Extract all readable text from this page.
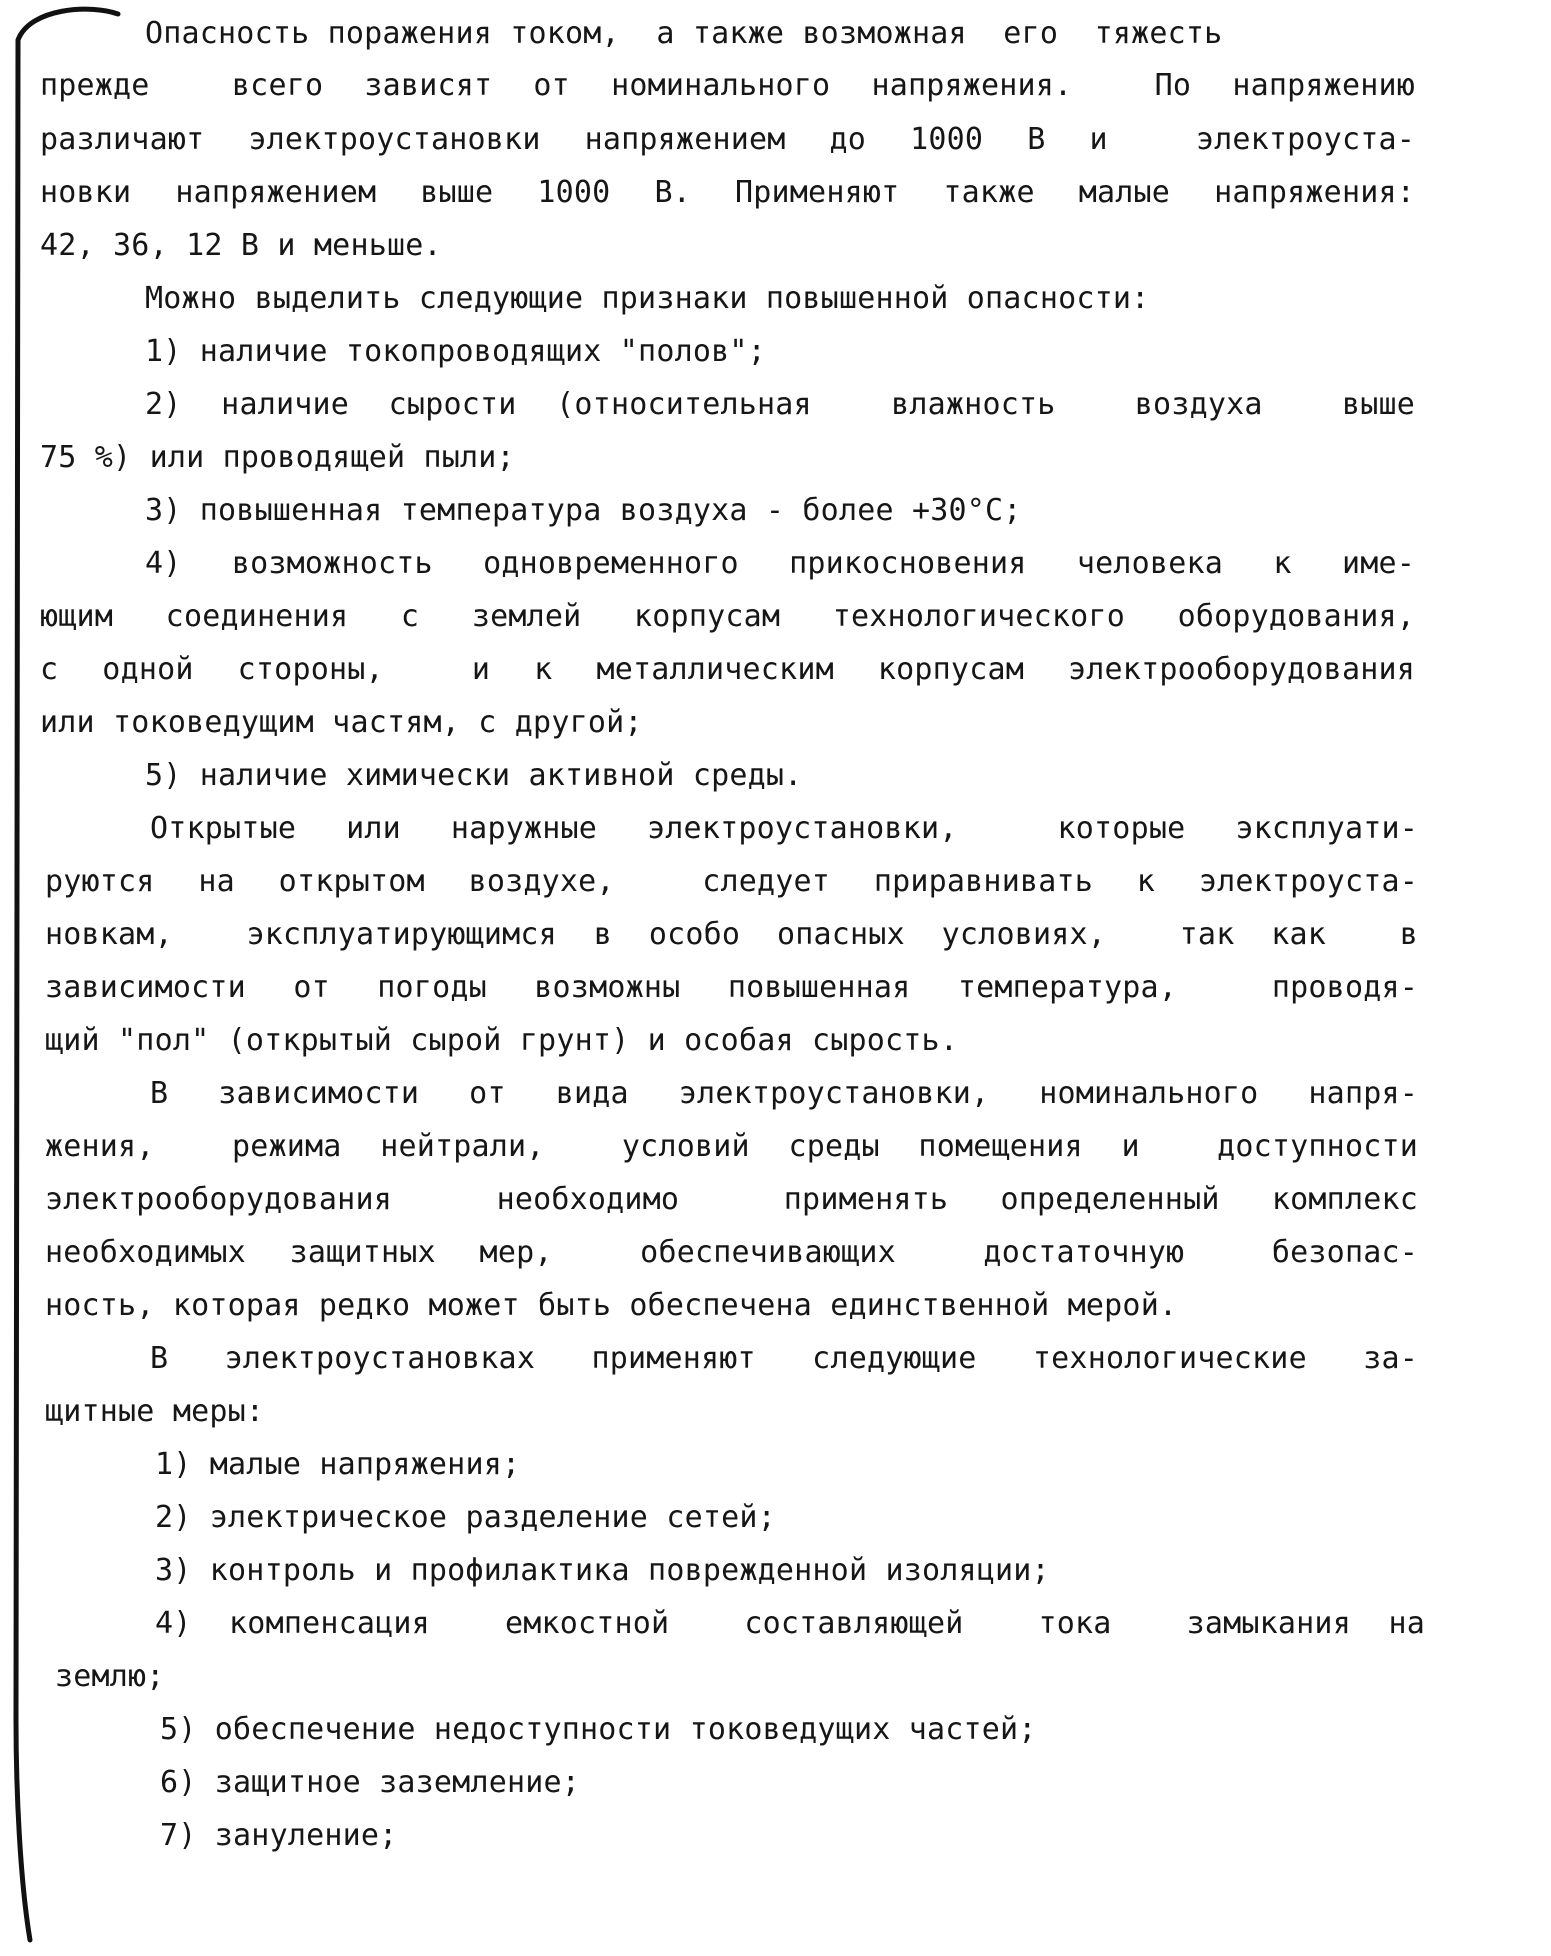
Опасность поражения током,  а также возможная  его  тяжесть
прежде  всего зависят от номинального напряжения.  По напряжению
различают электроустановки напряжением до 1000 В и  электроуста-
новки напряжением выше 1000 В. Применяют также малые напряжения:
42, 36, 12 В и меньше.
Можно выделить следующие признаки повышенной опасности:
1) наличие токопроводящих "полов";
2) наличие сырости (относительная  влажность  воздуха  выше
75 %) или проводящей пыли;
3) повышенная температура воздуха - более +30°С;
4) возможность одновременного прикосновения человека к име-
ющим соединения с землей корпусам технологического оборудования,
с одной стороны,  и к металлическим корпусам электрооборудования
или токоведущим частям, с другой;
5) наличие химически активной среды.
Открытые или наружные электроустановки,  которые эксплуати-
руются на открытом воздухе,  следует приравнивать к электроуста-
новкам,  эксплуатирующимся в особо опасных условиях,  так как  в
зависимости от погоды возможны повышенная температура,  проводя-
щий "пол" (открытый сырой грунт) и особая сырость.
В зависимости от вида электроустановки, номинального напря-
жения,  режима нейтрали,  условий среды помещения и  доступности
электрооборудования  необходимо  применять определенный комплекс
необходимых защитных мер,  обеспечивающих  достаточную  безопас-
ность, которая редко может быть обеспечена единственной мерой.
В электроустановках применяют следующие технологические за-
щитные меры:
1) малые напряжения;
2) электрическое разделение сетей;
3) контроль и профилактика поврежденной изоляции;
4) компенсация  емкостной  составляющей  тока  замыкания на
землю;
5) обеспечение недоступности токоведущих частей;
6) защитное заземление;
7) зануление;
